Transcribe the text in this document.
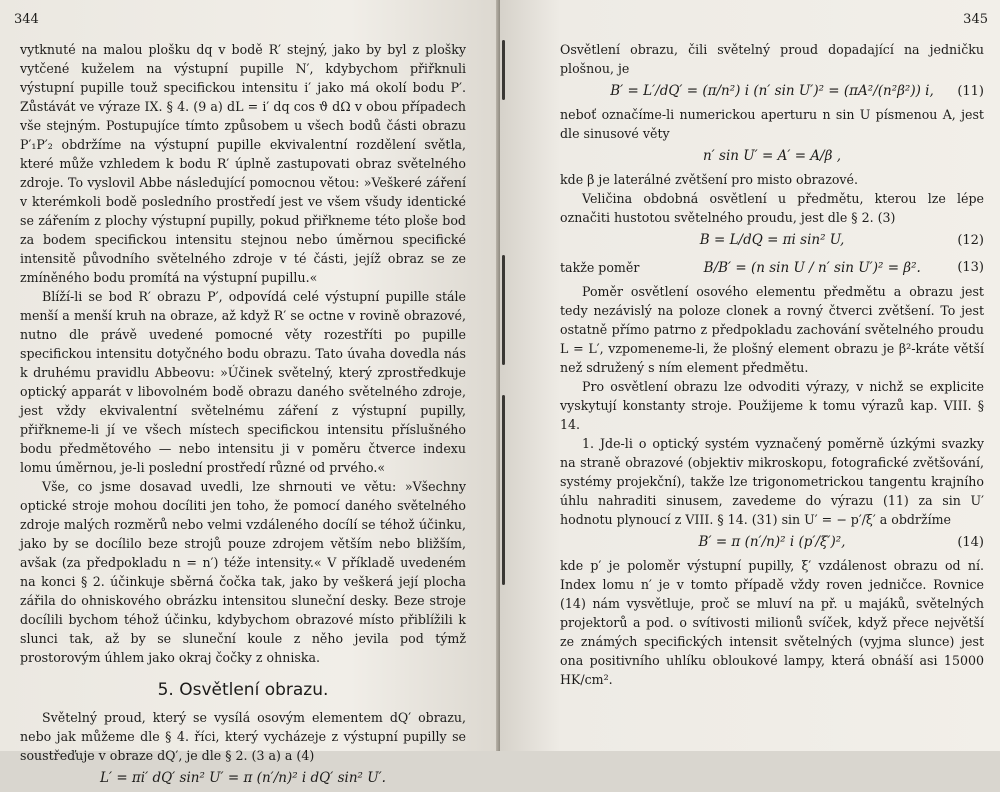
344

vytknuté na malou plošku dq v bodě R′ stejný, jako by byl z plošky vytčené kuželem na výstupní pupille N′, kdybychom přiřknuli výstupní pupille touž specifickou intensitu i′ jako má okolí bodu P′. Zůstávát ve výraze IX. § 4. (9 a) dL = i′ dq cos ϑ dΩ v obou případech vše stejným. Postupujíce tímto způsobem u všech bodů části obrazu P′₁P′₂ obdržíme na výstupní pupille ekvivalentní rozdělení světla, které může vzhledem k bodu R′ úplně zastupovati obraz světelného zdroje. To vyslovil Abbe následující pomocnou větou: »Veškeré záření v kterémkoli bodě posledního prostředí jest ve všem všudy identické se zářením z plochy výstupní pupilly, pokud přiřkneme této ploše bod za bodem specifickou intensitu stejnou nebo úměrnou specifické intensitě původního světelného zdroje v té části, jejíž obraz se ze zmíněného bodu promítá na výstupní pupillu.«

Blíží-li se bod R′ obrazu P′, odpovídá celé výstupní pupille stále menší a menší kruh na obraze, až když R′ se octne v rovině obrazové, nutno dle právě uvedené pomocné věty rozestříti po pupille specifickou intensitu dotyčného bodu obrazu. Tato úvaha dovedla nás k druhému pravidlu Abbeovu: »Účinek světelný, který zprostředkuje optický apparát v libovolném bodě obrazu daného světelného zdroje, jest vždy ekvivalentní světelnému záření z výstupní pupilly, přiřkneme-li jí ve všech místech specifickou intensitu příslušného bodu předmětového — nebo intensitu ji v poměru čtverce indexu lomu úměrnou, je-li poslední prostředí různé od prvého.«

Vše, co jsme dosavad uvedli, lze shrnouti ve větu: »Všechny optické stroje mohou docíliti jen toho, že pomocí daného světelného zdroje malých rozměrů nebo velmi vzdáleného docílí se téhož účinku, jako by se docílilo beze strojů pouze zdrojem větším nebo bližším, avšak (za předpokladu n = n′) téže intensity.« V příkladě uvedeném na konci § 2. účinkuje sběrná čočka tak, jako by veškerá její plocha zářila do ohniskového obrázku intensitou sluneční desky. Beze stroje docílili bychom téhož účinku, kdybychom obrazové místo přiblížili k slunci tak, až by se sluneční koule z něho jevila pod týmž prostorovým úhlem jako okraj čočky z ohniska.

5. Osvětlení obrazu.

Světelný proud, který se vysílá osovým elementem dQ′ obrazu, nebo jak můžeme dle § 4. říci, který vycházeje z výstupní pupilly se soustřeďuje v obraze dQ′, je dle § 2. (3 a) a (4)

L′ = πi′ dQ′ sin² U′ = π (n′/n)² i dQ′ sin² U′.
345

Osvětlení obrazu, čili světelný proud dopadající na jedničku plošnou, je

B′ = L′/dQ′ = (π/n²) i (n′ sin U′)² = (πA²/(n²β²)) i, (11)

neboť označíme-li numerickou aperturu n sin U písmenou A, jest dle sinusové věty

n′ sin U′ = A′ = A/β ,

kde β je laterálné zvětšení pro misto obrazové.

Veličina obdobná osvětlení u předmětu, kterou lze lépe označiti hustotou světelného proudu, jest dle § 2. (3)

B = L/dQ = πi sin² U,	(12)
takže poměr	B/B′ = (n sin U / n′ sin U′)² = β².	(13)

Poměr osvětlení osového elementu předmětu a obrazu jest tedy nezávislý na poloze clonek a rovný čtverci zvětšení. To jest ostatně přímo patrno z předpokladu zachování světelného proudu L = L′, vzpomeneme-li, že plošný element obrazu je β²-kráte větší než sdružený s ním element předmětu.

Pro osvětlení obrazu lze odvoditi výrazy, v nichž se explicite vyskytují konstanty stroje. Použijeme k tomu výrazů kap. VIII. § 14.

1. Jde-li o optický systém vyznačený poměrně úzkými svazky na straně obrazové (objektiv mikroskopu, fotografické zvětšování, systémy projekční), takže lze trigonometrickou tangentu krajního úhlu nahraditi sinusem, zavedeme do výrazu (11) za sin U′ hodnotu plynoucí z VIII. § 14. (31) sin U′ = − p′/ξ′ a obdržíme

B′ = π (n′/n)² i (p′/ξ′)²,	(14)

kde p′ je poloměr výstupní pupilly, ξ′ vzdálenost obrazu od ní. Index lomu n′ je v tomto případě vždy roven jedničce. Rovnice (14) nám vysvětluje, proč se mluví na př. u majáků, světelných projektorů a pod. o svítivosti milionů svíček, když přece největší ze známých specifických intensit světelných (vyjma slunce) jest ona positivního uhlíku obloukové lampy, která obnáší asi 15000 HK/cm².
